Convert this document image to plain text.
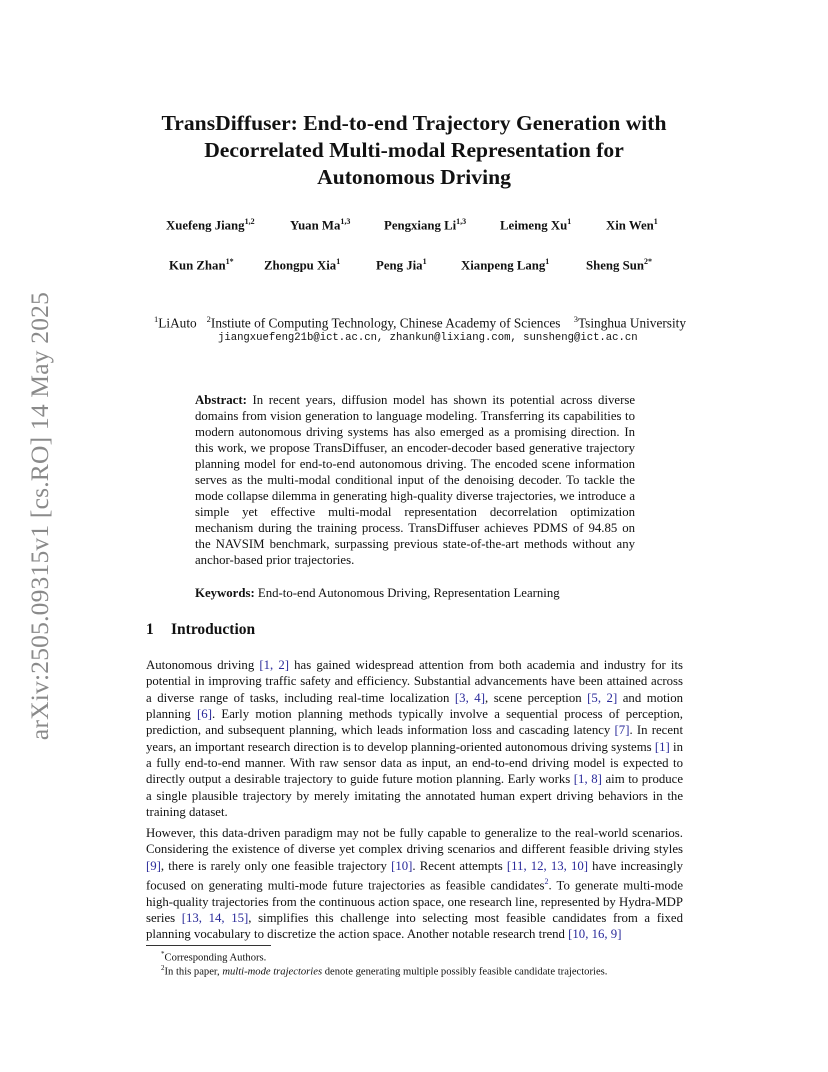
arXiv:2505.09315v1 [cs.RO] 14 May 2025
TransDiffuser: End-to-end Trajectory Generation with
Decorrelated Multi-modal Representation for
Autonomous Driving
Xuefeng Jiang$^{1,2}$	Yuan Ma$^{1,3}$	Pengxiang Li$^{1,3}$	Leimeng Xu$^1$	Xin Wen$^1$
Kun Zhan$^{1*}$ Zhongpu Xia$^1$	Peng Jia$^1$	Xianpeng Lang$^1$	Sheng Sun$^{2*}$
$^1$LiAuto $^2$Instiute of Computing Technology, Chinese Academy of Sciences $^3$Tsinghua University
jiangxuefeng21b@ict.ac.cn, zhankun@lixiang.com, sunsheng@ict.ac.cn

Abstract: In recent years, diffusion model has shown its potential across diverse domains from vision generation to language modeling. Transferring its capabilities to modern autonomous driving systems has also emerged as a promising direction. In this work, we propose TransDiffuser, an encoder-decoder based generative trajectory planning model for end-to-end autonomous driving. The encoded scene information serves as the multi-modal conditional input of the denoising decoder. To tackle the mode collapse dilemma in generating high-quality diverse trajectories, we introduce a simple yet effective multi-modal representation decorrelation optimization mechanism during the training process. TransDiffuser achieves PDMS of 94.85 on the NAVSIM benchmark, surpassing previous state-of-the-art methods without any anchor-based prior trajectories.

Keywords: End-to-end Autonomous Driving, Representation Learning
1 Introduction

Autonomous driving [1, 2] has gained widespread attention from both academia and industry for its potential in improving traffic safety and efficiency. Substantial advancements have been attained across a diverse range of tasks, including real-time localization [3, 4], scene perception [5, 2] and motion planning [6]. Early motion planning methods typically involve a sequential process of perception, prediction, and subsequent planning, which leads information loss and cascading latency [7]. In recent years, an important research direction is to develop planning-oriented autonomous driving systems [1] in a fully end-to-end manner. With raw sensor data as input, an end-to-end driving model is expected to directly output a desirable trajectory to guide future motion planning. Early works [1, 8] aim to produce a single plausible trajectory by merely imitating the annotated human expert driving behaviors in the training dataset.

However, this data-driven paradigm may not be fully capable to generalize to the real-world scenarios. Considering the existence of diverse yet complex driving scenarios and different feasible driving styles [9], there is rarely only one feasible trajectory [10]. Recent attempts [11, 12, 13, 10] have increasingly focused on generating multi-mode future trajectories as feasible candidates$^2$. To generate multi-mode high-quality trajectories from the continuous action space, one research line, represented by Hydra-MDP series [13, 14, 15], simplifies this challenge into selecting most feasible candidates from a fixed planning vocabulary to discretize the action space. Another notable research trend [10, 16, 9]

*Corresponding Authors.
$^2$In this paper, multi-mode trajectories denote generating multiple possibly feasible candidate trajectories.
